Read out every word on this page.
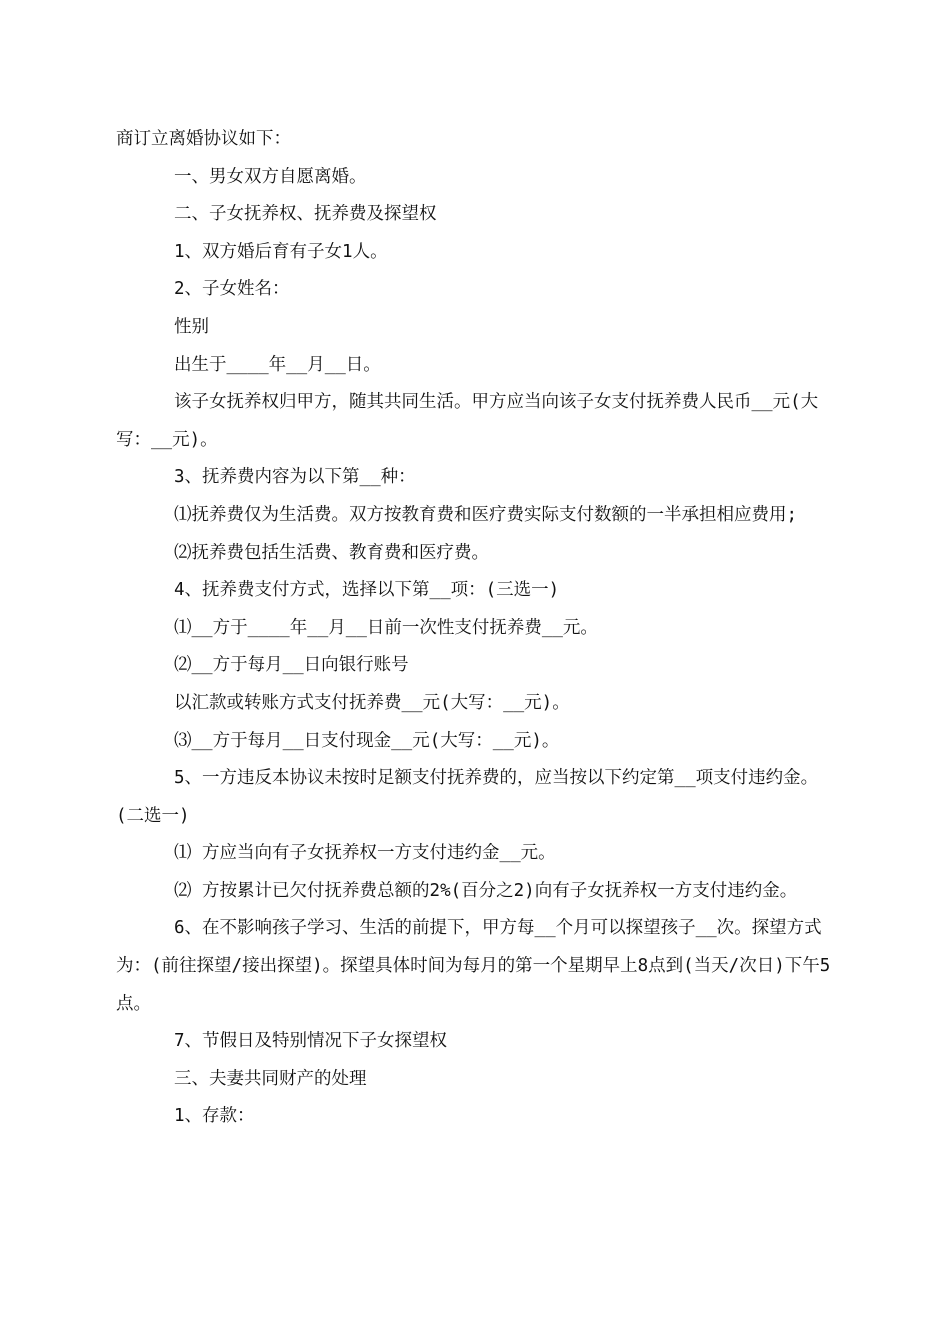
商订立离婚协议如下：

一、男女双方自愿离婚。

二、子女抚养权、抚养费及探望权

1、双方婚后育有子女1人。

2、子女姓名：

性别

出生于____年__月__日。

该子女抚养权归甲方，随其共同生活。甲方应当向该子女支付抚养费人民币__元(大写：__元)。

3、抚养费内容为以下第__种：

⑴抚养费仅为生活费。双方按教育费和医疗费实际支付数额的一半承担相应费用;

⑵抚养费包括生活费、教育费和医疗费。

4、抚养费支付方式，选择以下第__项：(三选一)

⑴__方于____年__月__日前一次性支付抚养费__元。

⑵__方于每月__日向银行账号

以汇款或转账方式支付抚养费__元(大写：__元)。

⑶__方于每月__日支付现金__元(大写：__元)。

5、一方违反本协议未按时足额支付抚养费的，应当按以下约定第__项支付违约金。(二选一)

⑴ 方应当向有子女抚养权一方支付违约金__元。

⑵ 方按累计已欠付抚养费总额的2%(百分之2)向有子女抚养权一方支付违约金。

6、在不影响孩子学习、生活的前提下，甲方每__个月可以探望孩子__次。探望方式为：(前往探望/接出探望)。探望具体时间为每月的第一个星期早上8点到(当天/次日)下午5点。

7、节假日及特别情况下子女探望权

三、夫妻共同财产的处理

1、存款：
